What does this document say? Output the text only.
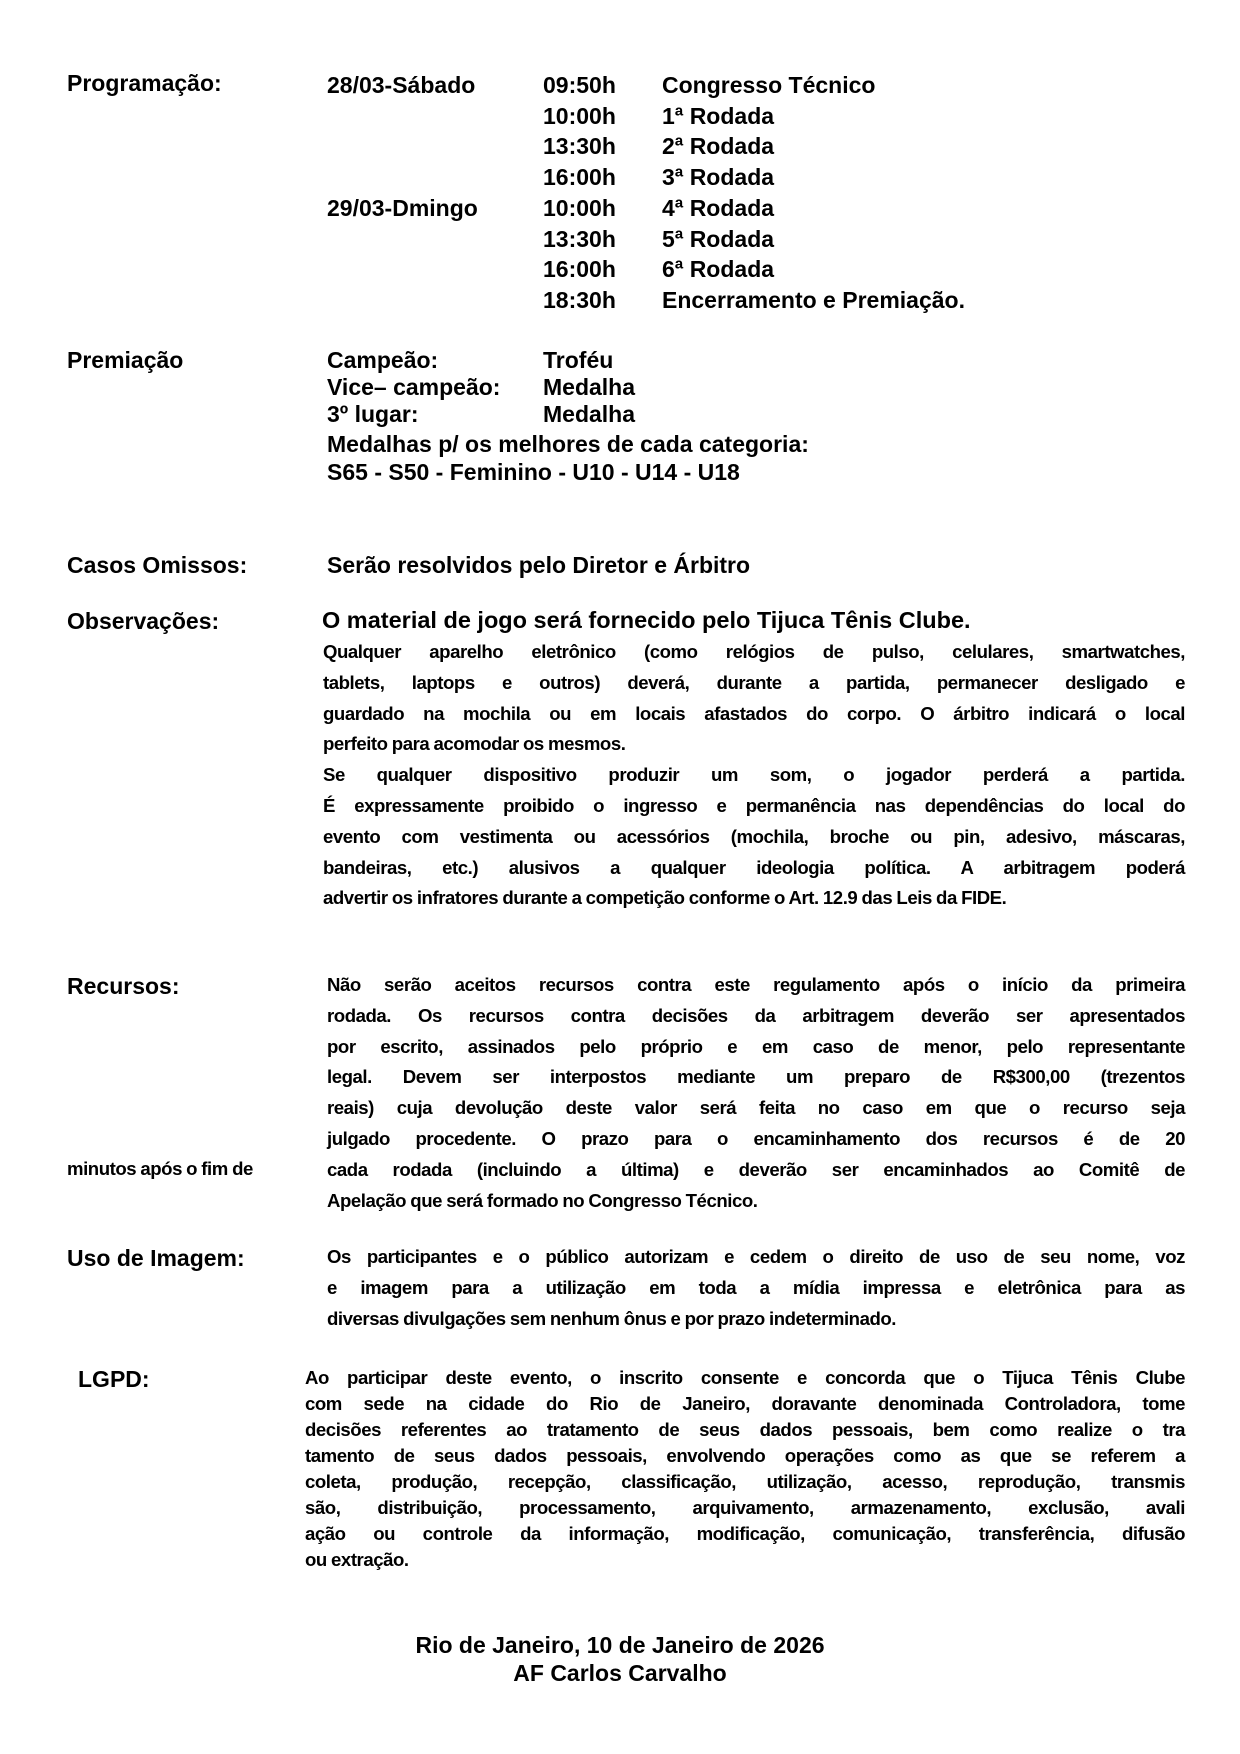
Programação:	28/03-Sábado	09:50h Congresso Técnico
10:00h 1ª Rodada
13:30h 2ª Rodada
16:00h 3ª Rodada
29/03-Dmingo	10:00h 4ª Rodada
13:30h 5ª Rodada
16:00h 6ª Rodada
18:30h Encerramento e Premiação.
Premiação	Campeão:	Troféu
Vice– campeão: Medalha
3º lugar:	Medalha
Medalhas p/ os melhores de cada categoria:
S65 - S50 - Feminino - U10 - U14 - U18
Casos Omissos:	Serão resolvidos pelo Diretor e Árbitro
Observações:	O material de jogo será fornecido pelo Tijuca Tênis Clube.
Qualquer aparelho eletrônico (como relógios de pulso, celulares, smartwatches,
tablets, laptops e outros) deverá, durante a partida, permanecer desligado e
guardado na mochila ou em locais afastados do corpo. O árbitro indicará o local
perfeito para acomodar os mesmos.
Se qualquer dispositivo produzir um som, o jogador perderá a partida.
É expressamente proibido o ingresso e permanência nas dependências do local do
evento com vestimenta ou acessórios (mochila, broche ou pin, adesivo, máscaras,
bandeiras, etc.) alusivos a qualquer ideologia política. A arbitragem poderá
advertir os infratores durante a competição conforme o Art. 12.9 das Leis da FIDE.
Recursos:	Não serão aceitos recursos contra este regulamento após o início da primeira
rodada. Os recursos contra decisões da arbitragem deverão ser apresentados
por escrito, assinados pelo próprio e em caso de menor, pelo representante
legal. Devem ser interpostos mediante um preparo de R$300,00 (trezentos
reais) cuja devolução deste valor será feita no caso em que o recurso seja
julgado procedente. O prazo para o encaminhamento dos recursos é de 20
cada rodada (incluindo a última) e deverão ser encaminhados ao Comitê de
Apelação que será formado no Congresso Técnico.
minutos após o fim de
Uso de Imagem:	Os participantes e o público autorizam e cedem o direito de uso de seu nome, voz
e imagem para a utilização em toda a mídia impressa e eletrônica para as
diversas divulgações sem nenhum ônus e por prazo indeterminado.
LGPD:	Ao participar deste evento, o inscrito consente e concorda que o Tijuca Tênis Clube
com sede na cidade do Rio de Janeiro, doravante denominada Controladora, tome
decisões referentes ao tratamento de seus dados pessoais, bem como realize o tra
tamento de seus dados pessoais, envolvendo operações como as que se referem a
coleta, produção, recepção, classificação, utilização, acesso, reprodução, transmis
são, distribuição, processamento, arquivamento, armazenamento, exclusão, avali
ação ou controle da informação, modificação, comunicação, transferência, difusão
ou extração.
Rio de Janeiro, 10 de Janeiro de 2026
AF Carlos Carvalho
